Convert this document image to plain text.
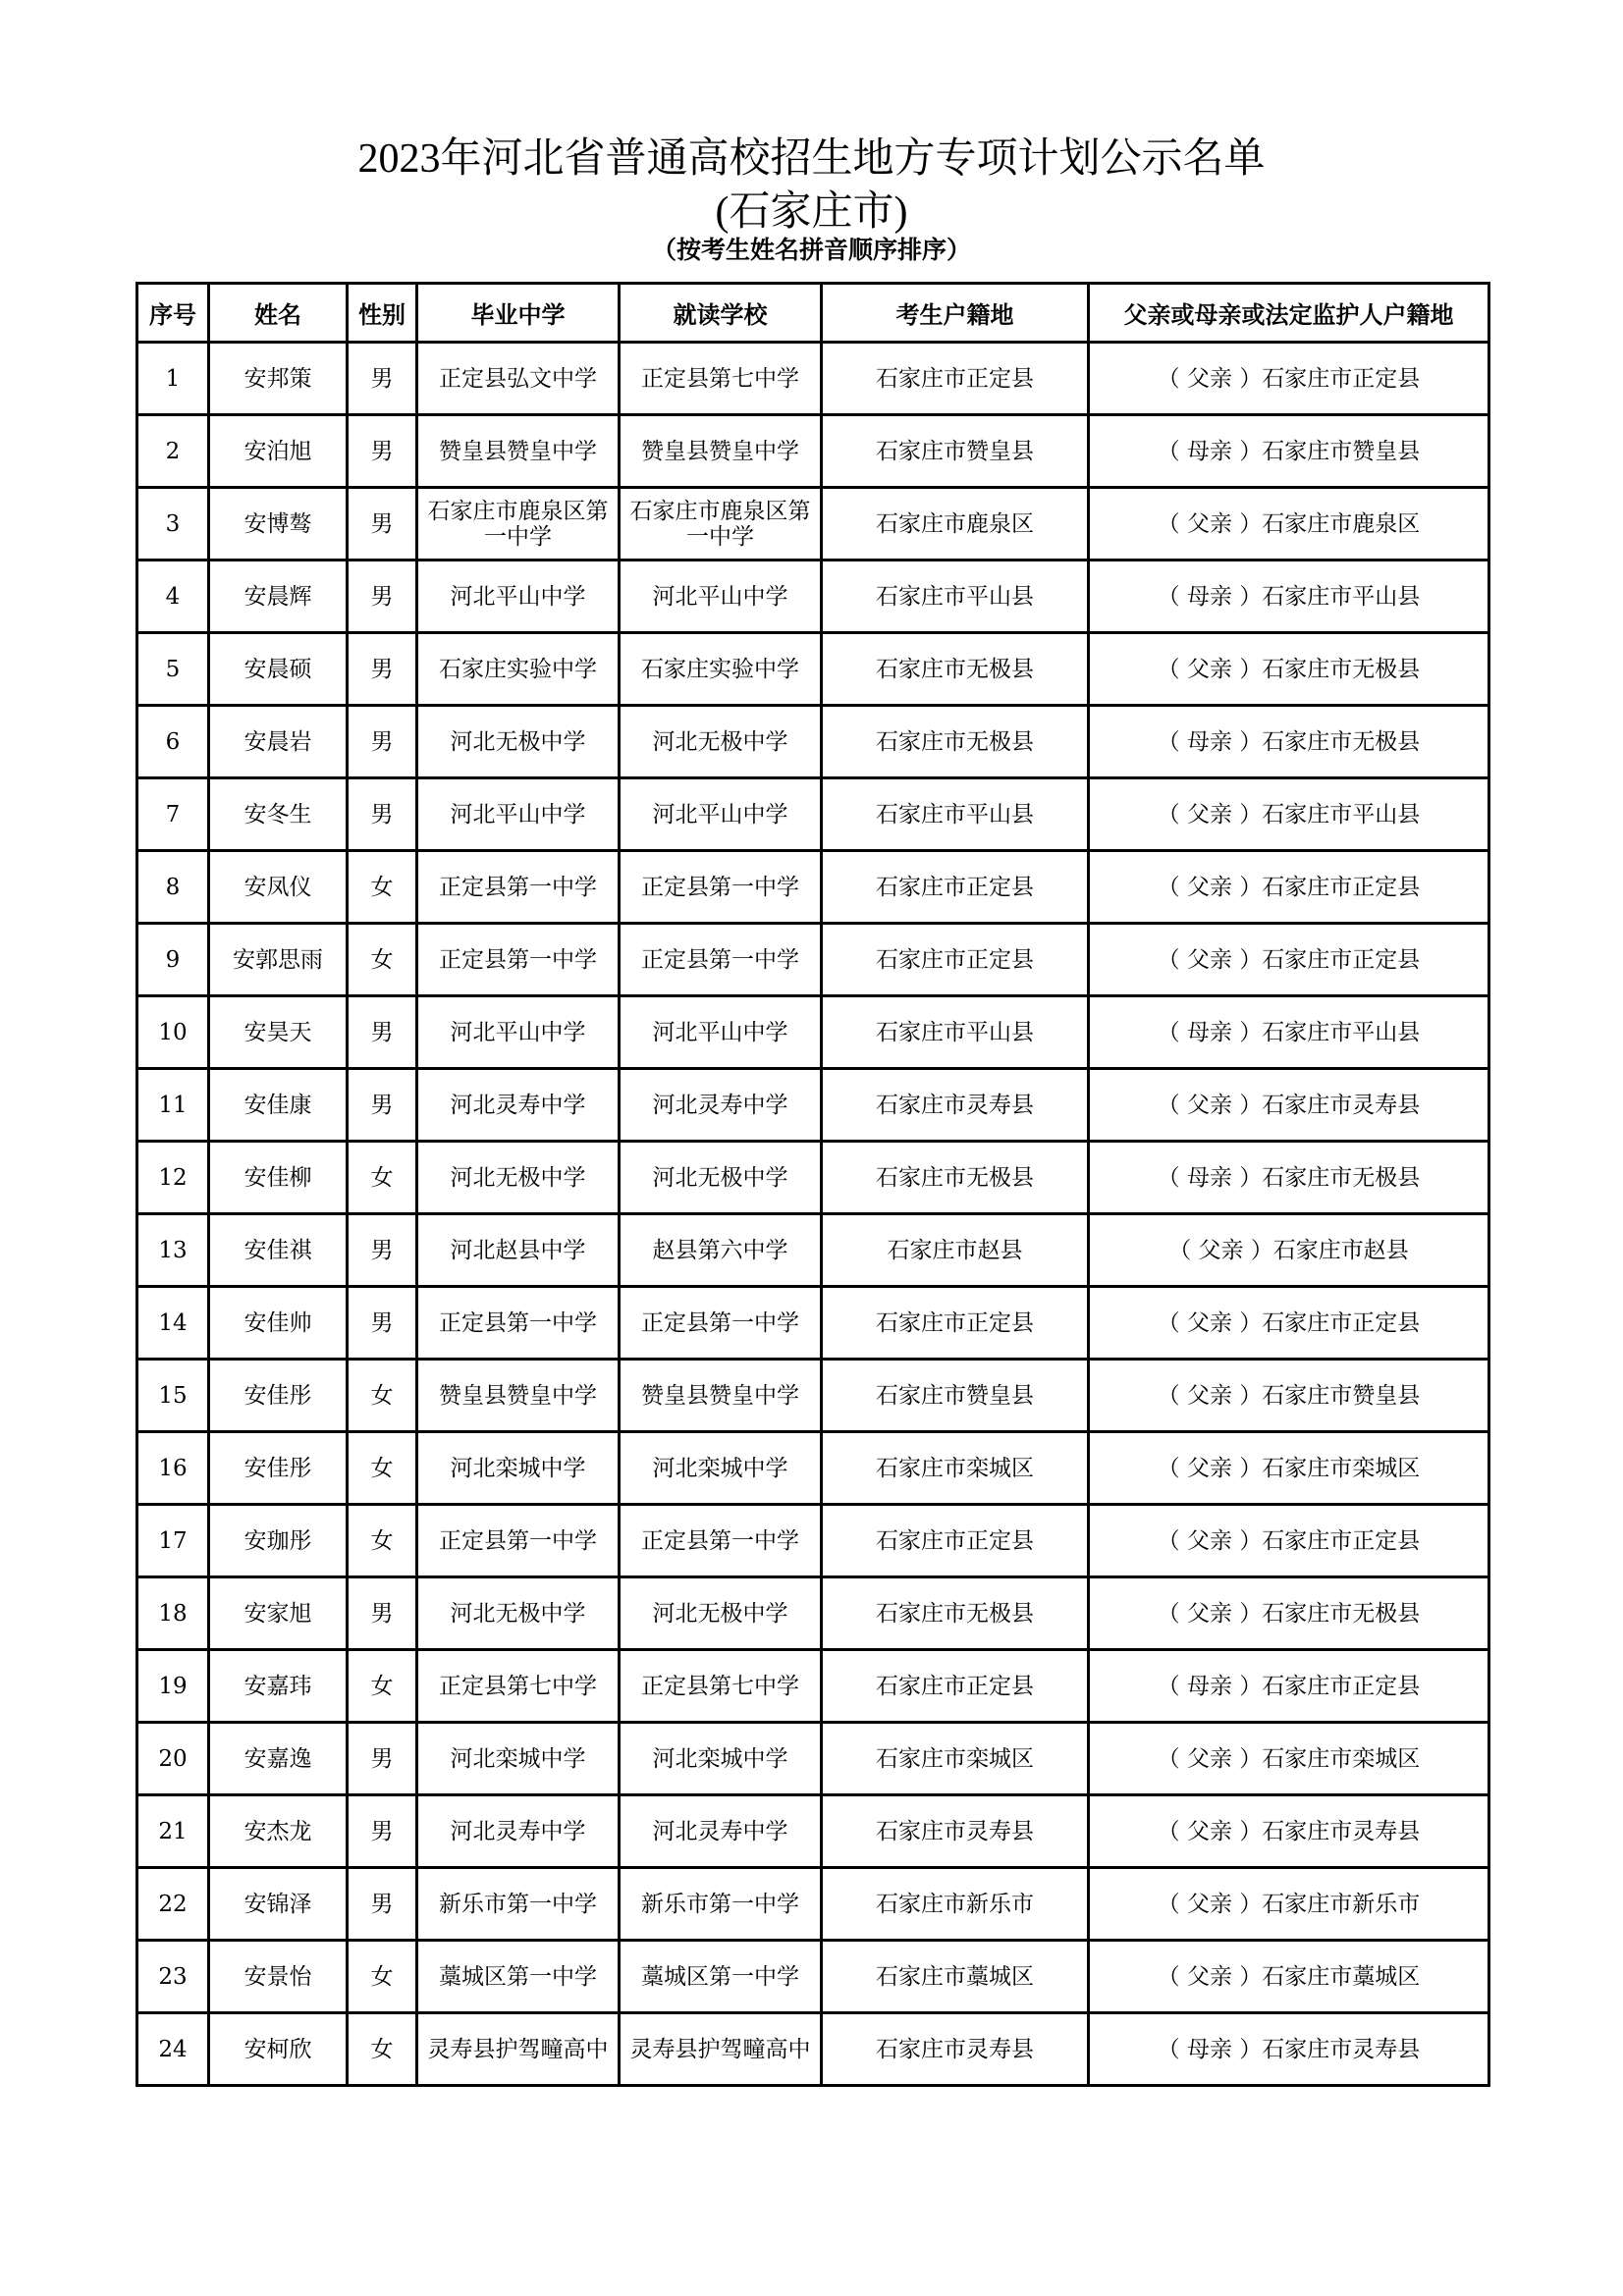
2023年河北省普通高校招生地方专项计划公示名单
(石家庄市)
（按考生姓名拼音顺序排序）
序号	姓名	性别	毕业中学	就读学校	考生户籍地	父亲或母亲或法定监护人户籍地
1	安邦策	男	正定县弘文中学	正定县第七中学	石家庄市正定县	（ 父亲 ）石家庄市正定县
2	安泊旭	男	赞皇县赞皇中学	赞皇县赞皇中学	石家庄市赞皇县	（ 母亲 ）石家庄市赞皇县
3	安博骜	男	石家庄市鹿泉区第一中学	石家庄市鹿泉区第一中学	石家庄市鹿泉区	（ 父亲 ）石家庄市鹿泉区
4	安晨辉	男	河北平山中学	河北平山中学	石家庄市平山县	（ 母亲 ）石家庄市平山县
5	安晨硕	男	石家庄实验中学	石家庄实验中学	石家庄市无极县	（ 父亲 ）石家庄市无极县
6	安晨岩	男	河北无极中学	河北无极中学	石家庄市无极县	（ 母亲 ）石家庄市无极县
7	安冬生	男	河北平山中学	河北平山中学	石家庄市平山县	（ 父亲 ）石家庄市平山县
8	安凤仪	女	正定县第一中学	正定县第一中学	石家庄市正定县	（ 父亲 ）石家庄市正定县
9	安郭思雨	女	正定县第一中学	正定县第一中学	石家庄市正定县	（ 父亲 ）石家庄市正定县
10	安昊天	男	河北平山中学	河北平山中学	石家庄市平山县	（ 母亲 ）石家庄市平山县
11	安佳康	男	河北灵寿中学	河北灵寿中学	石家庄市灵寿县	（ 父亲 ）石家庄市灵寿县
12	安佳柳	女	河北无极中学	河北无极中学	石家庄市无极县	（ 母亲 ）石家庄市无极县
13	安佳祺	男	河北赵县中学	赵县第六中学	石家庄市赵县	（ 父亲 ）石家庄市赵县
14	安佳帅	男	正定县第一中学	正定县第一中学	石家庄市正定县	（ 父亲 ）石家庄市正定县
15	安佳彤	女	赞皇县赞皇中学	赞皇县赞皇中学	石家庄市赞皇县	（ 父亲 ）石家庄市赞皇县
16	安佳彤	女	河北栾城中学	河北栾城中学	石家庄市栾城区	（ 父亲 ）石家庄市栾城区
17	安珈彤	女	正定县第一中学	正定县第一中学	石家庄市正定县	（ 父亲 ）石家庄市正定县
18	安家旭	男	河北无极中学	河北无极中学	石家庄市无极县	（ 父亲 ）石家庄市无极县
19	安嘉玮	女	正定县第七中学	正定县第七中学	石家庄市正定县	（ 母亲 ）石家庄市正定县
20	安嘉逸	男	河北栾城中学	河北栾城中学	石家庄市栾城区	（ 父亲 ）石家庄市栾城区
21	安杰龙	男	河北灵寿中学	河北灵寿中学	石家庄市灵寿县	（ 父亲 ）石家庄市灵寿县
22	安锦泽	男	新乐市第一中学	新乐市第一中学	石家庄市新乐市	（ 父亲 ）石家庄市新乐市
23	安景怡	女	藁城区第一中学	藁城区第一中学	石家庄市藁城区	（ 父亲 ）石家庄市藁城区
24	安柯欣	女	灵寿县护驾疃高中	灵寿县护驾疃高中	石家庄市灵寿县	（ 母亲 ）石家庄市灵寿县
